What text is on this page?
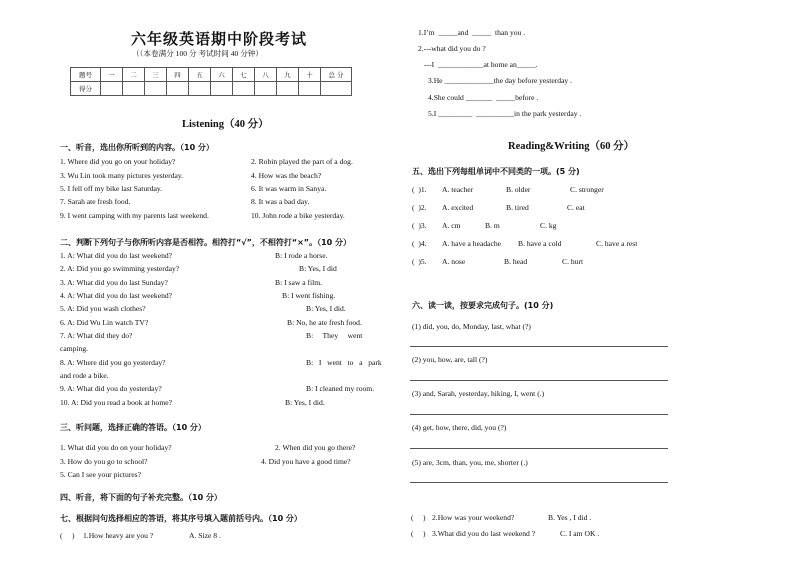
六年级英语期中阶段考试
（（本卷满分 100 分 考试时间 40 分钟）
题号	一	二	三	四	五	六	七	八	九	十	总 分
得分											
Listening（40 分）
一、听音，选出你所听到的内容。（10 分）
1. Where did you go on your holiday?
3. Wu Lin took many pictures yesterday.
5. I fell off my bike last Saturday.
7. Sarah ate fresh food.
9. I went camping with my parents last weekend.
2. Robin played the part of a dog.
4. How was the beach?
6. It was warm in Sanya.
8. It was a bad day.
10. John rode a bike yesterday.
二、判断下列句子与你所听内容是否相符。相符打“√”，不相符打“×”。（10 分）
1. A: What did you do last weekend?	B: I rode a horse.
2. A: Did you go swimming yesterday?	B: Yes, I did
3. A: What did you do last Sunday?	B: I saw a film.
4. A: What did you do last weekend?	B: I went fishing.
5. A: Did you wash clothes?	B: Yes, I did.
6. A: Did Wu Lin watch TV?	B: No, he ate fresh food.
7. A: What did they do?	B:     They     went
camping.
8. A: Where did you go yesterday?	B:   I   went   to   a   park
and rode a bike.
9. A: What did you do yesterday?	B: I cleaned my room.
10. A: Did you read a book at home?	B: Yes, I did.
三、听问题，选择正确的答语。（10 分）
1. What did you do on your holiday?
3. How do you go to school?
5. Can I see your pictures?
2. When did you go there?
4. Did you have a good time?
四、听音，将下面的句子补充完整。（10 分）
七、根据问句选择相应的答语，将其序号填入题前括号内。（10 分）
(     ) 1.How heavy are you ?	A. Size 8 .
1.I’m  _____and  _____  than you .
2.---what did you do ?
---I  ____________at home an_____.
3.He _____________the day before yesterday .
4.She could _______  _____before .
5.I _________  __________in the park yesterday .
Reading&Writing（60 分）
五、选出下列每组单词中不同类的一项。(5 分)
(  )1. A. teacher	B. older	C. stronger
(  )2. A. excited	B. tired	C. eat
(  )3. A. cm	B. m	C. kg
(  )4. A. have a headache B. have a cold	C. have a rest
(  )5. A. nose	B. head	C. hurt
六、读一读，按要求完成句子。(10 分)
(1) did, you, do, Monday, last, what (?)
(2) you, how, are, tall (?)
(3) and, Sarah, yesterday, hiking, I, went (.)
(4) get, how, there, did, you (?)
(5) are, 3cm, than, you, me, shorter (.)
(     ) 2.How was your weekend?	B. Yes , I did .
(     ) 3.What did you do last weekend ?	C. I am OK .
